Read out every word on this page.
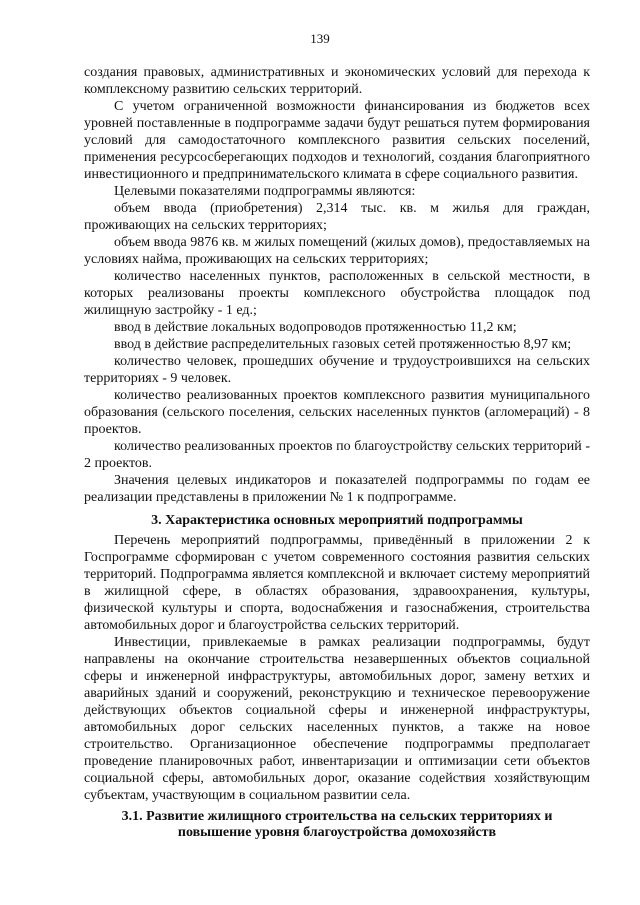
139

создания правовых, административных и экономических условий для перехода к комплексному развитию сельских территорий.

С учетом ограниченной возможности финансирования из бюджетов всех уровней поставленные в подпрограмме задачи будут решаться путем формирования условий для самодостаточного комплексного развития сельских поселений, применения ресурсосберегающих подходов и технологий, создания благоприятного инвестиционного и предпринимательского климата в сфере социального развития.

Целевыми показателями подпрограммы являются:

объем ввода (приобретения) 2,314 тыс. кв. м жилья для граждан, проживающих на сельских территориях;

объем ввода 9876 кв. м жилых помещений (жилых домов), предоставляемых на условиях найма, проживающих на сельских территориях;

количество населенных пунктов, расположенных в сельской местности, в которых реализованы проекты комплексного обустройства площадок под жилищную застройку - 1 ед.;

ввод в действие локальных водопроводов протяженностью 11,2 км;

ввод в действие распределительных газовых сетей протяженностью 8,97 км;

количество человек, прошедших обучение и трудоустроившихся на сельских территориях - 9 человек.

количество реализованных проектов комплексного развития муниципального образования (сельского поселения, сельских населенных пунктов (агломераций) - 8 проектов.

количество реализованных проектов по благоустройству сельских территорий - 2 проектов.

Значения целевых индикаторов и показателей подпрограммы по годам ее реализации представлены в приложении № 1 к подпрограмме.

3. Характеристика основных мероприятий подпрограммы

Перечень мероприятий подпрограммы, приведённый в приложении 2 к Госпрограмме сформирован с учетом современного состояния развития сельских территорий. Подпрограмма является комплексной и включает систему мероприятий в жилищной сфере, в областях образования, здравоохранения, культуры, физической культуры и спорта, водоснабжения и газоснабжения, строительства автомобильных дорог и благоустройства сельских территорий.

Инвестиции, привлекаемые в рамках реализации подпрограммы, будут направлены на окончание строительства незавершенных объектов социальной сферы и инженерной инфраструктуры, автомобильных дорог, замену ветхих и аварийных зданий и сооружений, реконструкцию и техническое перевооружение действующих объектов социальной сферы и инженерной инфраструктуры, автомобильных дорог сельских населенных пунктов, а также на новое строительство. Организационное обеспечение подпрограммы предполагает проведение планировочных работ, инвентаризации и оптимизации сети объектов социальной сферы, автомобильных дорог, оказание содействия хозяйствующим субъектам, участвующим в социальном развитии села.

3.1. Развитие жилищного строительства на сельских территориях и
повышение уровня благоустройства домохозяйств
